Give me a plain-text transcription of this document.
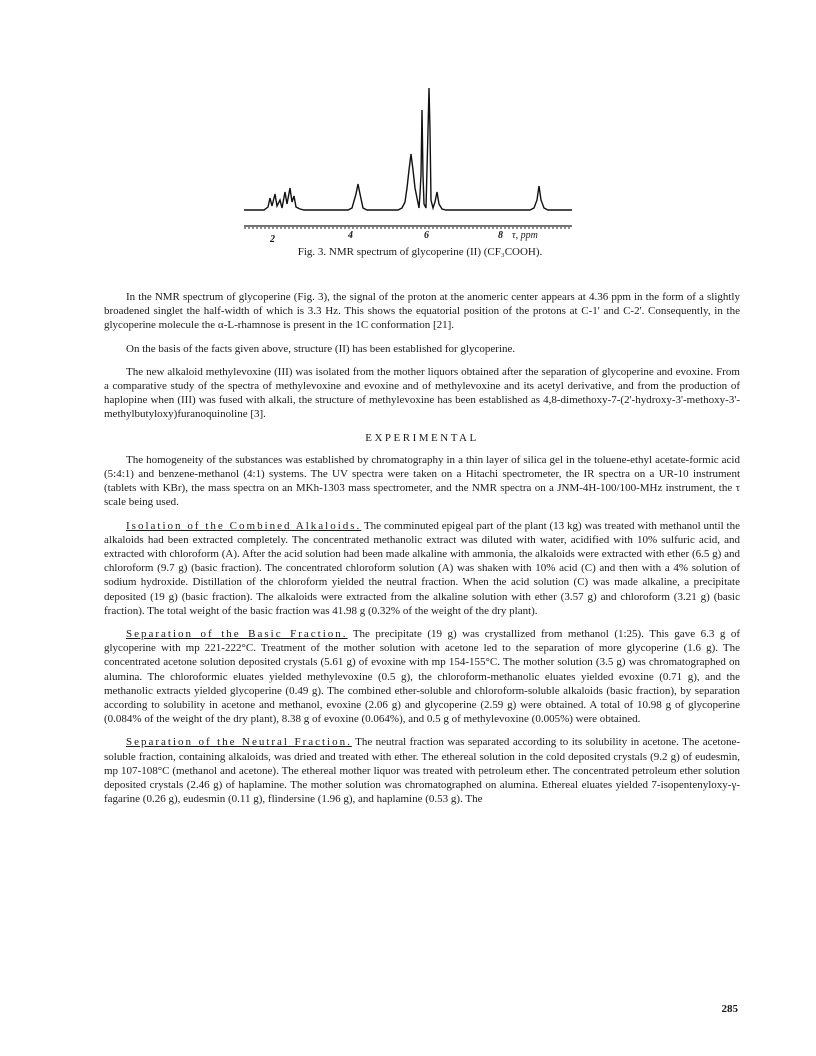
2	4	6	8 τ, ppm
Fig. 3. NMR spectrum of glycoperine (II) (CF₃COOH).

In the NMR spectrum of glycoperine (Fig. 3), the signal of the proton at the anomeric center appears at 4.36 ppm in the form of a slightly broadened singlet the half-width of which is 3.3 Hz. This shows the equatorial position of the protons at C-1' and C-2'. Consequently, in the glycoperine molecule the α-L-rhamnose is present in the 1C conformation [21].

On the basis of the facts given above, structure (II) has been established for glycoperine.

The new alkaloid methylevoxine (III) was isolated from the mother liquors obtained after the separation of glycoperine and evoxine. From a comparative study of the spectra of methylevoxine and evoxine and of methylevoxine and its acetyl derivative, and from the production of haplopine when (III) was fused with alkali, the structure of methylevoxine has been established as 4,8-dimethoxy-7-(2'-hydroxy-3'-methoxy-3'-methylbutyloxy)furanoquinoline [3].

EXPERIMENTAL

The homogeneity of the substances was established by chromatography in a thin layer of silica gel in the toluene-ethyl acetate-formic acid (5:4:1) and benzene-methanol (4:1) systems. The UV spectra were taken on a Hitachi spectrometer, the IR spectra on a UR-10 instrument (tablets with KBr), the mass spectra on an MKh-1303 mass spectrometer, and the NMR spectra on a JNM-4H-100/100-MHz instrument, the τ scale being used.

Isolation of the Combined Alkaloids. The comminuted epigeal part of the plant (13 kg) was treated with methanol until the alkaloids had been extracted completely. The concentrated methanolic extract was diluted with water, acidified with 10% sulfuric acid, and extracted with chloroform (A). After the acid solution had been made alkaline with ammonia, the alkaloids were extracted with ether (6.5 g) and chloroform (9.7 g) (basic fraction). The concentrated chloroform solution (A) was shaken with 10% acid (C) and then with a 4% solution of sodium hydroxide. Distillation of the chloroform yielded the neutral fraction. When the acid solution (C) was made alkaline, a precipitate deposited (19 g) (basic fraction). The alkaloids were extracted from the alkaline solution with ether (3.57 g) and chloroform (3.21 g) (basic fraction). The total weight of the basic fraction was 41.98 g (0.32% of the weight of the dry plant).

Separation of the Basic Fraction. The precipitate (19 g) was crystallized from methanol (1:25). This gave 6.3 g of glycoperine with mp 221-222°C. Treatment of the mother solution with acetone led to the separation of more glycoperine (1.6 g). The concentrated acetone solution deposited crystals (5.61 g) of evoxine with mp 154-155°C. The mother solution (3.5 g) was chromatographed on alumina. The chloroformic eluates yielded methylevoxine (0.5 g), the chloroform-methanolic eluates yielded evoxine (0.71 g), and the methanolic extracts yielded glycoperine (0.49 g). The combined ether-soluble and chloroform-soluble alkaloids (basic fraction), by separation according to solubility in acetone and methanol, evoxine (2.06 g) and glycoperine (2.59 g) were obtained. A total of 10.98 g of glycoperine (0.084% of the weight of the dry plant), 8.38 g of evoxine (0.064%), and 0.5 g of methylevoxine (0.005%) were obtained.

Separation of the Neutral Fraction. The neutral fraction was separated according to its solubility in acetone. The acetone-soluble fraction, containing alkaloids, was dried and treated with ether. The ethereal solution in the cold deposited crystals (9.2 g) of eudesmin, mp 107-108°C (methanol and acetone). The ethereal mother liquor was treated with petroleum ether. The concentrated petroleum ether solution deposited crystals (2.46 g) of haplamine. The mother solution was chromatographed on alumina. Ethereal eluates yielded 7-isopentenyloxy-γ-fagarine (0.26 g), eudesmin (0.11 g), flindersine (1.96 g), and haplamine (0.53 g). The

285
